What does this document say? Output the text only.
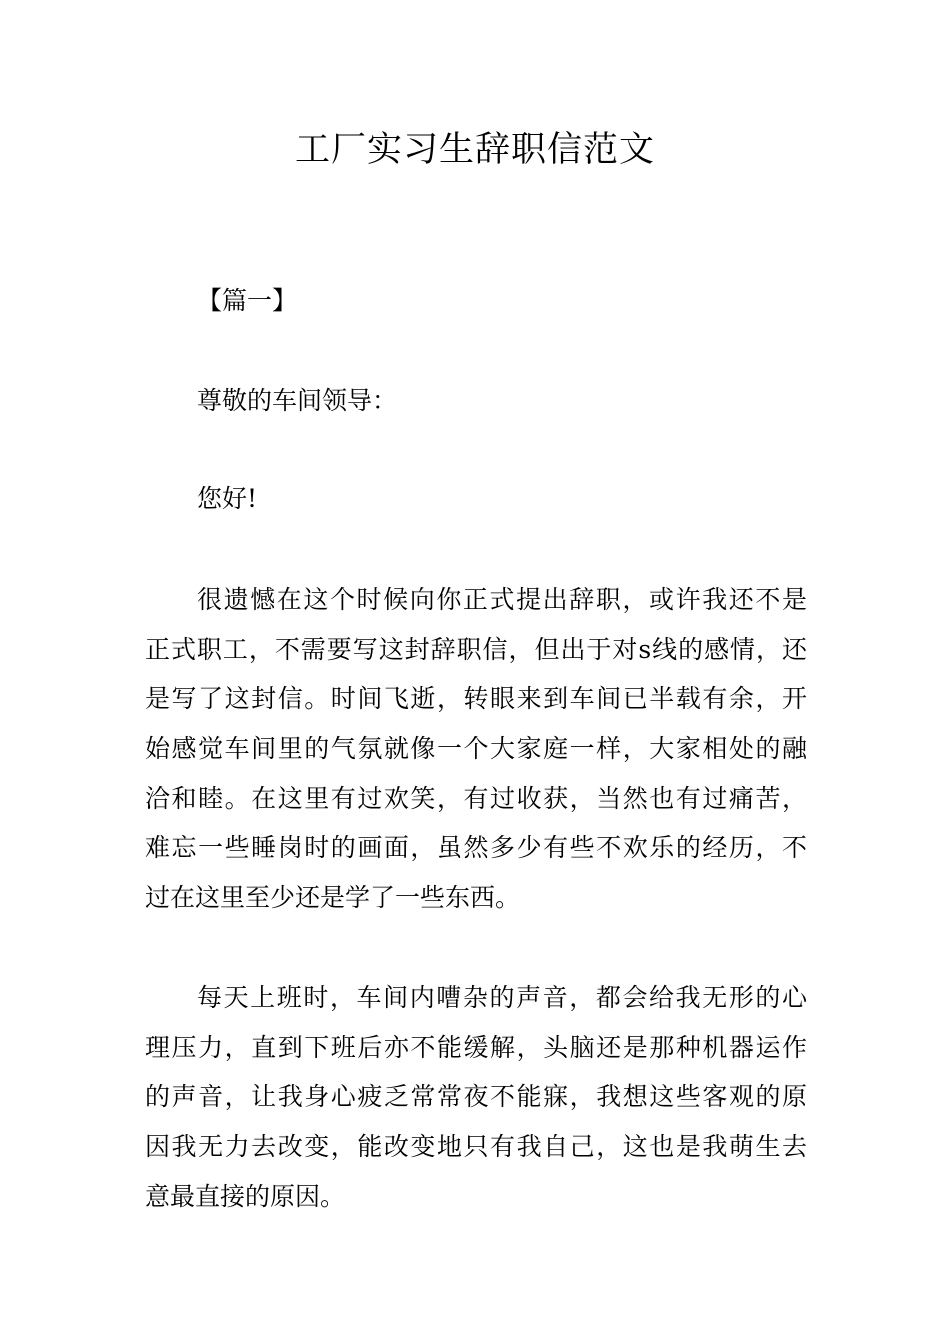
工厂实习生辞职信范文

【篇一】

尊敬的车间领导：

您好!

很遗憾在这个时候向你正式提出辞职，或许我还不是
正式职工，不需要写这封辞职信，但出于对s线的感情，还
是写了这封信。时间飞逝，转眼来到车间已半载有余，开
始感觉车间里的气氛就像一个大家庭一样，大家相处的融
洽和睦。在这里有过欢笑，有过收获，当然也有过痛苦，
难忘一些睡岗时的画面，虽然多少有些不欢乐的经历，不
过在这里至少还是学了一些东西。
每天上班时，车间内嘈杂的声音，都会给我无形的心
理压力，直到下班后亦不能缓解，头脑还是那种机器运作
的声音，让我身心疲乏常常夜不能寐，我想这些客观的原
因我无力去改变，能改变地只有我自己，这也是我萌生去
意最直接的原因。
